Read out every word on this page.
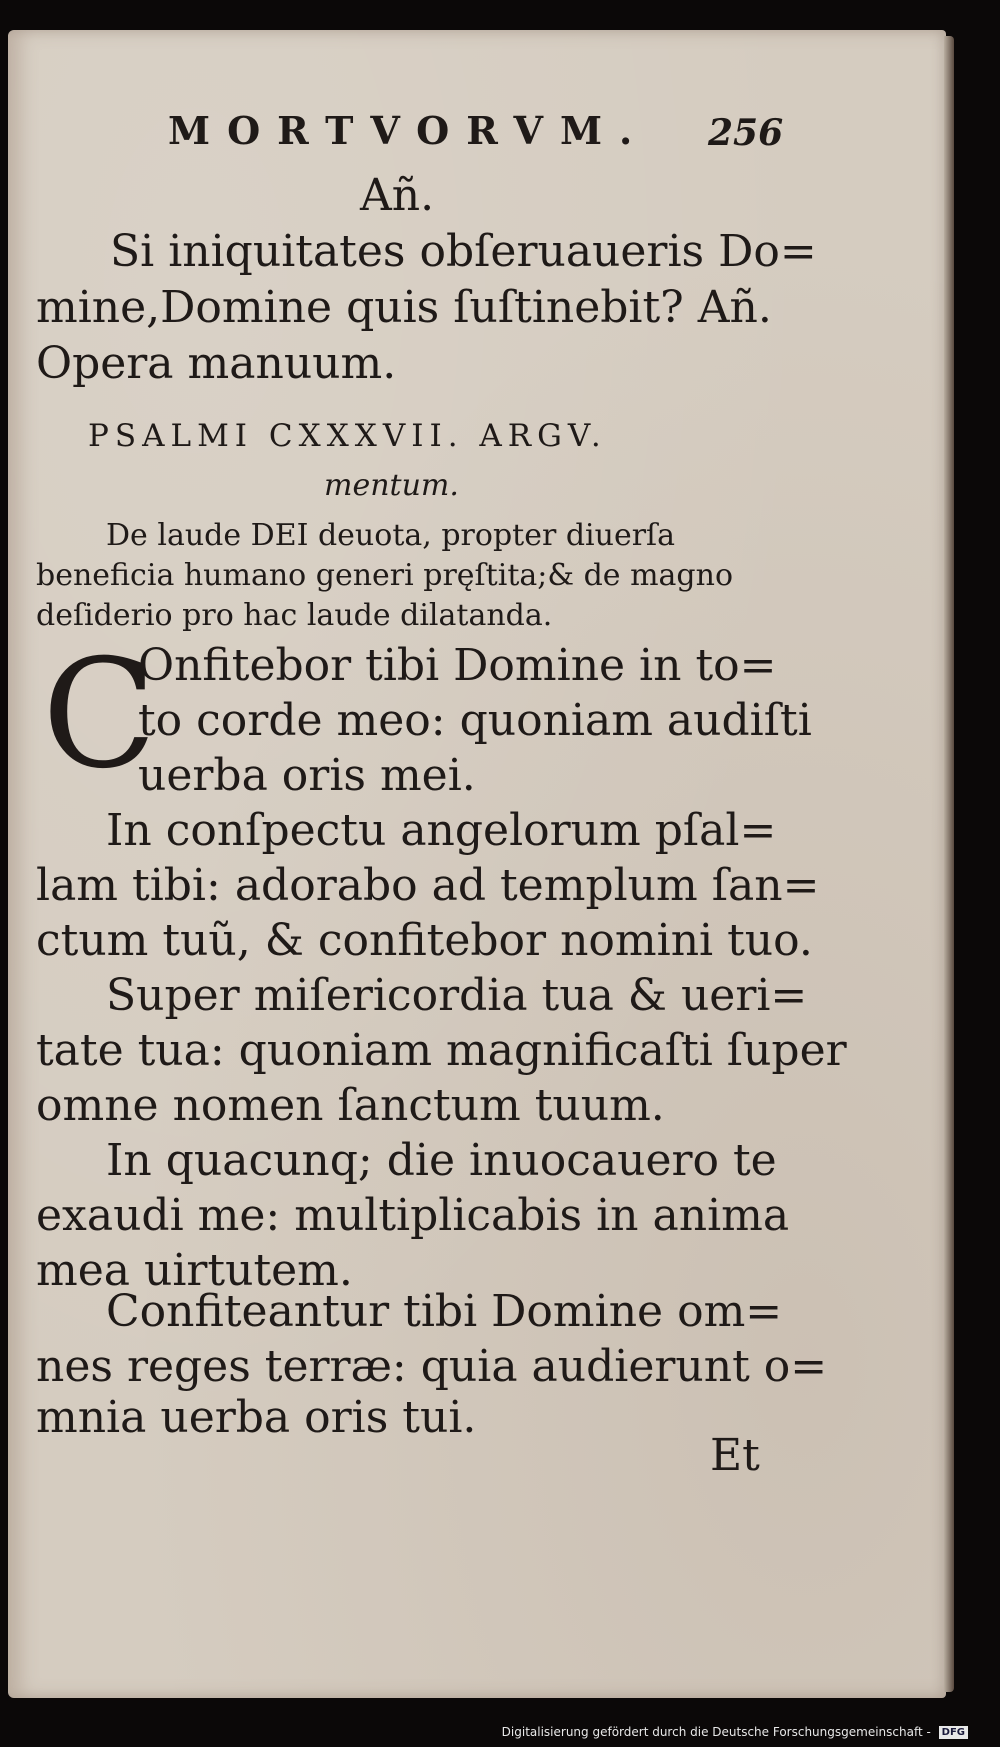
MORTVORVM. 256
Añ.
Si iniquitates obſeruaueris Do=
mine,Domine quis ſuſtinebit? Añ.
Opera manuum.
PSALMI CXXXVII. ARGV.
mentum.
De laude DEI deuota, propter diuerſa
beneficia humano generi pręſtita;& de magno
deſiderio pro hac laude dilatanda.
C
Onfitebor tibi Domine in to=
to corde meo: quoniam audiſti
uerba oris mei.
In conſpectu angelorum pſal=
lam tibi: adorabo ad templum ſan=
ctum tuũ, & confitebor nomini tuo.
Super miſericordia tua & ueri=
tate tua: quoniam magnificaſti ſuper
omne nomen ſanctum tuum.
In quacunq; die inuocauero te
exaudi me: multiplicabis in anima
mea uirtutem.
Confiteantur tibi Domine om=
nes reges terræ: quia audierunt o=
mnia uerba oris tui.
Et
Digitalisierung gefördert durch die Deutsche Forschungsgemeinschaft - DFG
